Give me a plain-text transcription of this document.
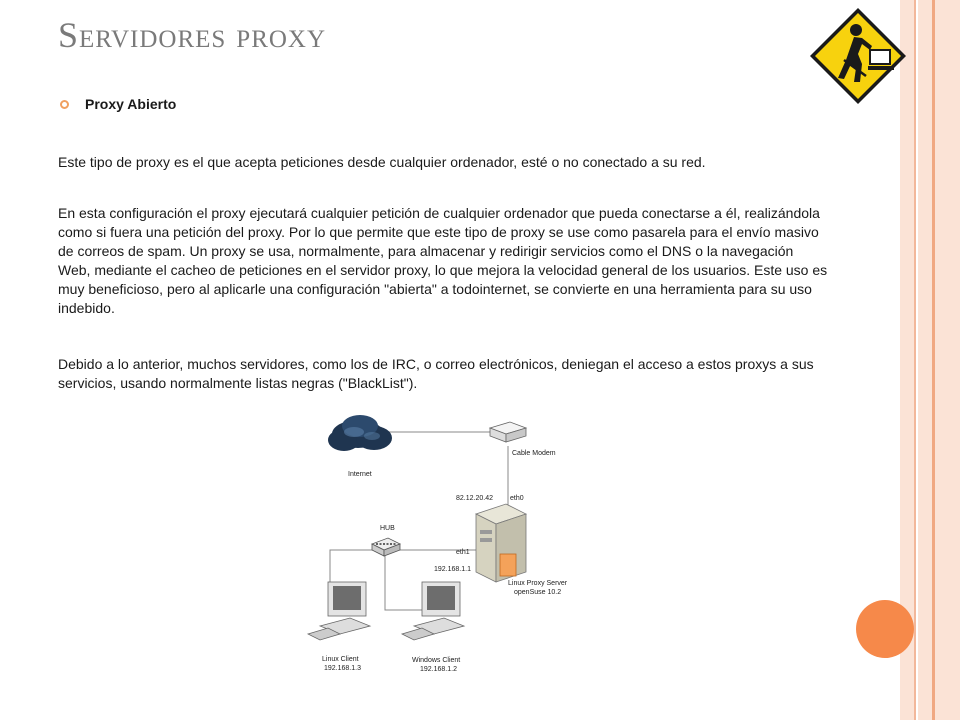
Servidores proxy
Proxy Abierto

Este tipo de proxy es el que acepta peticiones desde cualquier ordenador, esté o no conectado a su red.

En esta configuración el proxy ejecutará cualquier petición de cualquier ordenador que pueda conectarse a él, realizándola como si fuera una petición del proxy. Por lo que permite que este tipo de proxy se use como pasarela para el envío masivo de correos de spam. Un proxy se usa, normalmente, para almacenar y redirigir servicios como el DNS o la navegación Web, mediante el cacheo de peticiones en el servidor proxy, lo que mejora la velocidad general de los usuarios. Este uso es muy beneficioso, pero al aplicarle una configuración "abierta" a todointernet, se convierte en una herramienta para su uso indebido.

Debido a lo anterior, muchos servidores, como los de IRC, o correo electrónicos, deniegan el acceso a estos proxys a sus servicios, usando normalmente listas negras ("BlackList").

Internet
Cable Modem
82.12.20.42 eth0
HUB
eth1
192.168.1.1
Linux Proxy Server
openSuse 10.2
Linux Client
192.168.1.3
Windows Client
192.168.1.2
